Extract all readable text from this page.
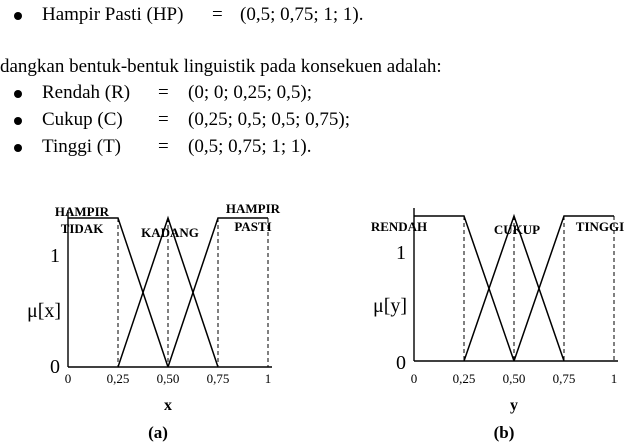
Hampir Pasti (HP) = (0,5; 0,75; 1; 1).
dangkan bentuk-bentuk linguistik pada konsekuen adalah:
Rendah (R) = (0; 0; 0,25; 0,5);
Cukup (C) = (0,25; 0,5; 0,5; 0,75);
Tinggi (T) = (0,5; 0,75; 1; 1).
1
0
0	0,25 0,50 0,75	1
μ[x]
x
(a)
HAMPIR
TIDAK	KADANG
HAMPIR
PASTI
1
0
0	0,25 0,50 0,75	1
μ[y]
y
(b)
RENDAH	CUKUP	TINGGI
